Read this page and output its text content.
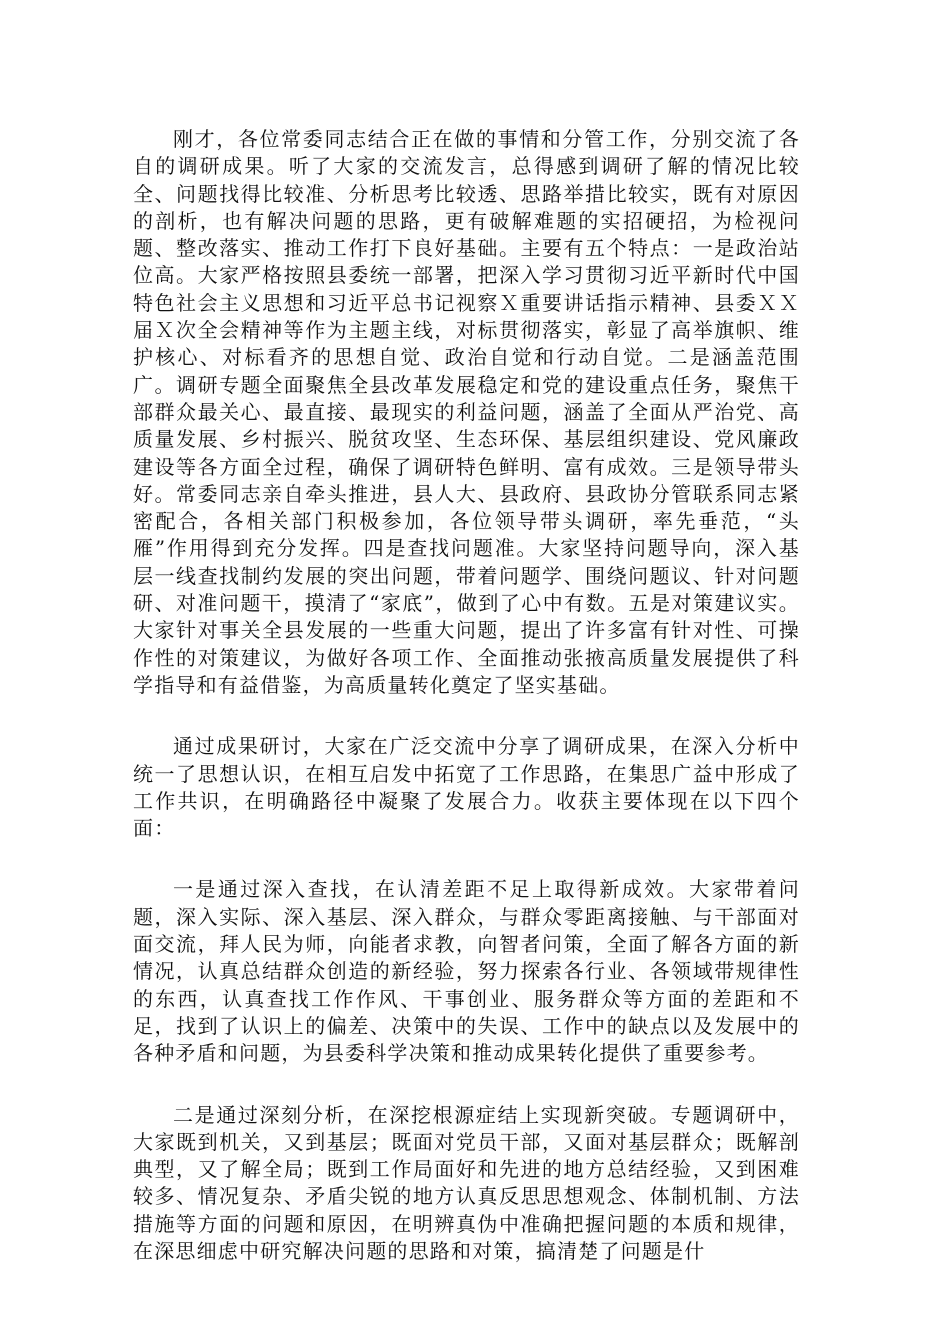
刚才，各位常委同志结合正在做的事情和分管工作，分别交流了各自的调研成果。听了大家的交流发言，总得感到调研了解的情况比较全、问题找得比较准、分析思考比较透、思路举措比较实，既有对原因的剖析，也有解决问题的思路，更有破解难题的实招硬招，为检视问题、整改落实、推动工作打下良好基础。主要有五个特点：一是政治站位高。大家严格按照县委统一部署，把深入学习贯彻习近平新时代中国特色社会主义思想和习近平总书记视察Ｘ重要讲话指示精神、县委ＸＸ届Ｘ次全会精神等作为主题主线，对标贯彻落实，彰显了高举旗帜、维护核心、对标看齐的思想自觉、政治自觉和行动自觉。二是涵盖范围广。调研专题全面聚焦全县改革发展稳定和党的建设重点任务，聚焦干部群众最关心、最直接、最现实的利益问题，涵盖了全面从严治党、高质量发展、乡村振兴、脱贫攻坚、生态环保、基层组织建设、党风廉政建设等各方面全过程，确保了调研特色鲜明、富有成效。三是领导带头好。常委同志亲自牵头推进，县人大、县政府、县政协分管联系同志紧密配合，各相关部门积极参加，各位领导带头调研，率先垂范，“头雁”作用得到充分发挥。四是查找问题准。大家坚持问题导向，深入基层一线查找制约发展的突出问题，带着问题学、围绕问题议、针对问题研、对准问题干，摸清了“家底”，做到了心中有数。五是对策建议实。大家针对事关全县发展的一些重大问题，提出了许多富有针对性、可操作性的对策建议，为做好各项工作、全面推动张掖高质量发展提供了科学指导和有益借鉴，为高质量转化奠定了坚实基础。

通过成果研讨，大家在广泛交流中分享了调研成果，在深入分析中统一了思想认识，在相互启发中拓宽了工作思路，在集思广益中形成了工作共识，在明确路径中凝聚了发展合力。收获主要体现在以下四个面：

一是通过深入查找，在认清差距不足上取得新成效。大家带着问题，深入实际、深入基层、深入群众，与群众零距离接触、与干部面对面交流，拜人民为师，向能者求教，向智者问策，全面了解各方面的新情况，认真总结群众创造的新经验，努力探索各行业、各领域带规律性的东西，认真查找工作作风、干事创业、服务群众等方面的差距和不足，找到了认识上的偏差、决策中的失误、工作中的缺点以及发展中的各种矛盾和问题，为县委科学决策和推动成果转化提供了重要参考。

二是通过深刻分析，在深挖根源症结上实现新突破。专题调研中，大家既到机关，又到基层；既面对党员干部，又面对基层群众；既解剖典型，又了解全局；既到工作局面好和先进的地方总结经验，又到困难较多、情况复杂、矛盾尖锐的地方认真反思思想观念、体制机制、方法措施等方面的问题和原因，在明辨真伪中准确把握问题的本质和规律，在深思细虑中研究解决问题的思路和对策，搞清楚了问题是什
